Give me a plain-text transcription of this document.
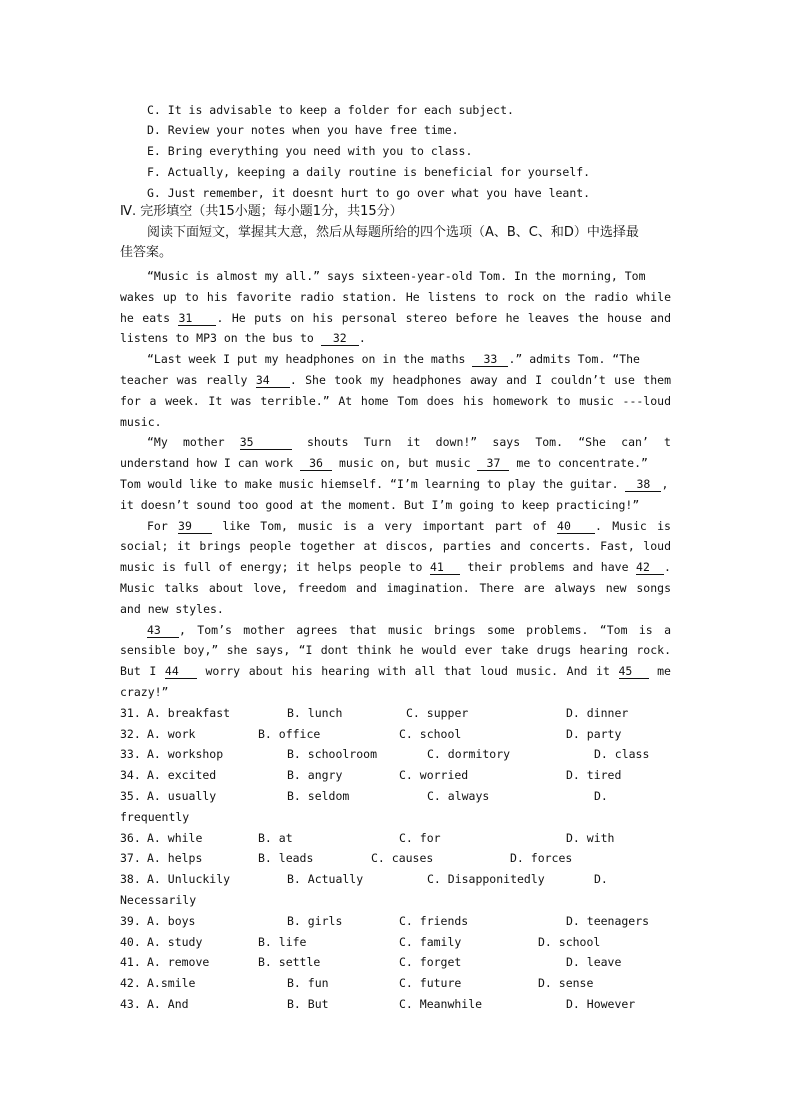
C. It is advisable to keep a folder for each subject.
D. Review your notes when you have free time.
E. Bring everything you need with you to class.
F. Actually, keeping a daily routine is beneficial for yourself.
G. Just remember, it doesnt hurt to go over what you have leant.
Ⅳ. 完形填空（共15小题；每小题1分，共15分）
阅读下面短文，掌握其大意，然后从每题所给的四个选项（A、B、C、和D）中选择最
佳答案。
“Music is almost my all.” says sixteen-year-old Tom. In the morning, Tom
wakes up to his favorite radio station. He listens to rock on the radio while
he eats 31 . He puts on his personal stereo before he leaves the house and
listens to MP3 on the bus to 32 .
“Last week I put my headphones on in the maths 33 .” admits Tom. “The
teacher was really 34 . She took my headphones away and I couldn’t use them
for a week. It was terrible.” At home Tom does his homework to music ---loud
music.
“My mother 35	shouts Turn it down!” says Tom. “She can’ t
understand how I can work 36 music on, but music 37 me to concentrate.”
Tom would like to make music hiemself. “I’m learning to play the guitar. 38 ,
it doesn’t sound too good at the moment. But I’m going to keep practicing!”
For 39	like Tom, music is a very important part of 40 . Music is
social; it brings people together at discos, parties and concerts. Fast, loud
music is full of energy; it helps people to 41 their problems and have 42 .
Music talks about love, freedom and imagination. There are always new songs
and new styles.
43 , Tom’s mother agrees that music brings some problems. “Tom is a
sensible boy,” she says, “I dont think he would ever take drugs hearing rock.
But I 44 worry about his hearing with all that loud music. And it 45 me
crazy!”
31. A. breakfast	B. lunch	C. supper	D. dinner
32. A. work	B. office	C. school	D. party
33. A. workshop	B. schoolroom	C. dormitory	D. class
34. A. excited	B. angry	C. worried	D. tired
35. A. usually	B. seldom	C. always	D.
frequently
36. A. while	B. at	C. for	D. with
37. A. helps	B. leads	C. causes	D. forces
38. A. Unluckily	B. Actually	C. Disapponitedly	D.
Necessarily
39. A. boys	B. girls	C. friends	D. teenagers
40. A. study	B. life	C. family	D. school
41. A. remove	B. settle	C. forget	D. leave
42. A.smile	B. fun	C. future	D. sense
43. A. And	B. But	C. Meanwhile	D. However
